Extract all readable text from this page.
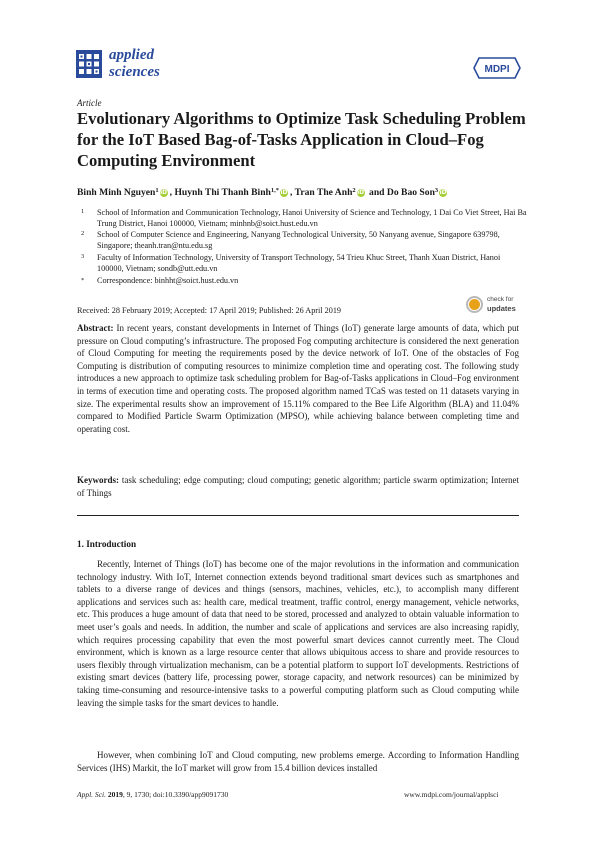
applied
sciences	MDPI
Article
Evolutionary Algorithms to Optimize Task Scheduling Problem for the IoT Based Bag-of-Tasks Application in Cloud–Fog Computing Environment
Binh Minh Nguyen$^1$iD , Huynh Thi Thanh Binh$^{1,*}$iD , Tran The Anh$^2$iD and Do Bao Son$^3$iD
1 School of Information and Communication Technology, Hanoi University of Science and Technology, 1 Dai Co Viet Street, Hai Ba Trung District, Hanoi 100000, Vietnam; minhnb@soict.hust.edu.vn
2 School of Computer Science and Engineering, Nanyang Technological University, 50 Nanyang avenue, Singapore 639798, Singapore; theanh.tran@ntu.edu.sg
3 Faculty of Information Technology, University of Transport Technology, 54 Trieu Khuc Street, Thanh Xuan District, Hanoi 100000, Vietnam; sondb@utt.edu.vn
* Correspondence: binhht@soict.hust.edu.vn
Received: 28 February 2019; Accepted: 17 April 2019; Published: 26 April 2019
check for
updates
Abstract: In recent years, constant developments in Internet of Things (IoT) generate large amounts of data, which put pressure on Cloud computing’s infrastructure. The proposed Fog computing architecture is considered the next generation of Cloud Computing for meeting the requirements posed by the device network of IoT. One of the obstacles of Fog Computing is distribution of computing resources to minimize completion time and operating cost. The following study introduces a new approach to optimize task scheduling problem for Bag-of-Tasks applications in Cloud–Fog environment in terms of execution time and operating costs. The proposed algorithm named TCaS was tested on 11 datasets varying in size. The experimental results show an improvement of 15.11% compared to the Bee Life Algorithm (BLA) and 11.04% compared to Modified Particle Swarm Optimization (MPSO), while achieving balance between completing time and operating cost.
Keywords: task scheduling; edge computing; cloud computing; genetic algorithm; particle swarm optimization; Internet of Things
1. Introduction
Recently, Internet of Things (IoT) has become one of the major revolutions in the information and communication technology industry. With IoT, Internet connection extends beyond traditional smart devices such as smartphones and tablets to a diverse range of devices and things (sensors, machines, vehicles, etc.), to accomplish many different applications and services such as: health care, medical treatment, traffic control, energy management, vehicle networks, etc. This produces a huge amount of data that need to be stored, processed and analyzed to obtain valuable information to meet user’s goals and needs. In addition, the number and scale of applications and services are also increasing rapidly, which requires processing capability that even the most powerful smart devices cannot currently meet. The Cloud environment, which is known as a large resource center that allows ubiquitous access to share and provide resources to users flexibly through virtualization mechanism, can be a potential platform to support IoT developments. Restrictions of existing smart devices (battery life, processing power, storage capacity, and network resources) can be minimized by taking time-consuming and resource-intensive tasks to a powerful computing platform such as Cloud computing while leaving the simple tasks for the smart devices to handle.
However, when combining IoT and Cloud computing, new problems emerge. According to Information Handling Services (IHS) Markit, the IoT market will grow from 15.4 billion devices installed
Appl. Sci. 2019, 9, 1730; doi:10.3390/app9091730	www.mdpi.com/journal/applsci
